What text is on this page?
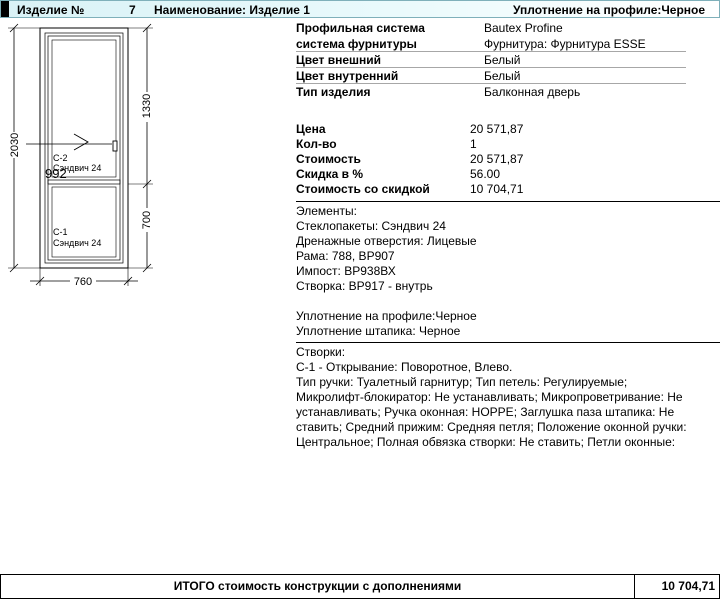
Изделие №	7 Наименование: Изделие 1	Уплотнение на профиле:Черное
2030
1330
700
С-2
Сэндвич 24
992
С-1
Сэндвич 24
760
Профильная система	Bautex Profine
система фурнитуры	Фурнитура: Фурнитура ESSE
Цвет внешний	Белый
Цвет внутренний	Белый
Тип изделия	Балконная дверь
Цена	20 571,87
Кол-во	1
Стоимость	20 571,87
Скидка в %	56.00
Стоимость со скидкой	10 704,71
Элементы:
Стеклопакеты: Сэндвич 24
Дренажные отверстия: Лицевые
Рама: 788, ВР907
Импост: ВР938ВХ
Створка: ВР917 - внутрь
Уплотнение на профиле:Черное
Уплотнение штапика: Черное
Створки:
С-1 - Открывание: Поворотное, Влево.
Тип ручки: Туалетный гарнитур; Тип петель: Регулируемые;
Микролифт-блокиратор: Не устанавливать; Микропроветривание: Не
устанавливать; Ручка оконная: HOPPE; Заглушка паза штапика: Не
ставить; Средний прижим: Средняя петля; Положение оконной ручки:
Центральное; Полная обвязка створки: Не ставить; Петли оконные:
ИТОГО стоимость конструкции с дополнениями	10 704,71
